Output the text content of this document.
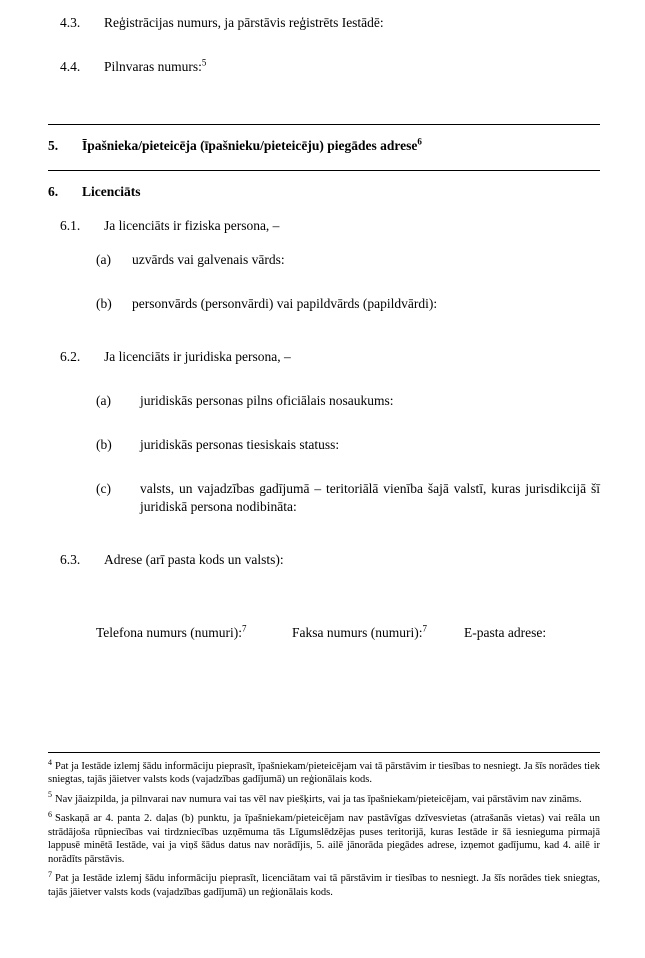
4.3.	Reģistrācijas numurs, ja pārstāvis reģistrēts Iestādē:
4.4.	Pilnvaras numurs:$^5$
5.	Īpašnieka/pieteicēja (īpašnieku/pieteicēju) piegādes adrese$^6$
6.	Licenciāts
6.1.	Ja licenciāts ir fiziska persona, –
(a)	uzvārds vai galvenais vārds:
(b)	personvārds (personvārdi) vai papildvārds (papildvārdi):
6.2.	Ja licenciāts ir juridiska persona, –
(a)	juridiskās personas pilns oficiālais nosaukums:
(b)	juridiskās personas tiesiskais statuss:
(c)	valsts, un vajadzības gadījumā – teritoriālā vienība šajā valstī, kuras jurisdikcijā šī juridiskā persona nodibināta:
6.3.	Adrese (arī pasta kods un valsts):
Telefona numurs (numuri):$^7$	Faksa numurs (numuri):$^7$	E-pasta adrese:
$^4$ Pat ja Iestāde izlemj šādu informāciju pieprasīt, īpašniekam/pieteicējam vai tā pārstāvim ir tiesības to nesniegt. Ja šīs norādes tiek sniegtas, tajās jāietver valsts kods (vajadzības gadījumā) un reģionālais kods.
$^5$ Nav jāaizpilda, ja pilnvarai nav numura vai tas vēl nav piešķirts, vai ja tas īpašniekam/pieteicējam, vai pārstāvim nav zināms.
$^6$ Saskaņā ar 4. panta 2. daļas (b) punktu, ja īpašniekam/pieteicējam nav pastāvīgas dzīvesvietas (atrašanās vietas) vai reāla un strādājoša rūpniecības vai tirdzniecības uzņēmuma tās Līgumslēdzējas puses teritorijā, kuras Iestāde ir šā iesnieguma pirmajā lappusē minētā Iestāde, vai ja viņš šādus datus nav norādījis, 5. ailē jānorāda piegādes adrese, izņemot gadījumu, kad 4. ailē ir norādīts pārstāvis.
$^7$ Pat ja Iestāde izlemj šādu informāciju pieprasīt, licenciātam vai tā pārstāvim ir tiesības to nesniegt. Ja šīs norādes tiek sniegtas, tajās jāietver valsts kods (vajadzības gadījumā) un reģionālais kods.
